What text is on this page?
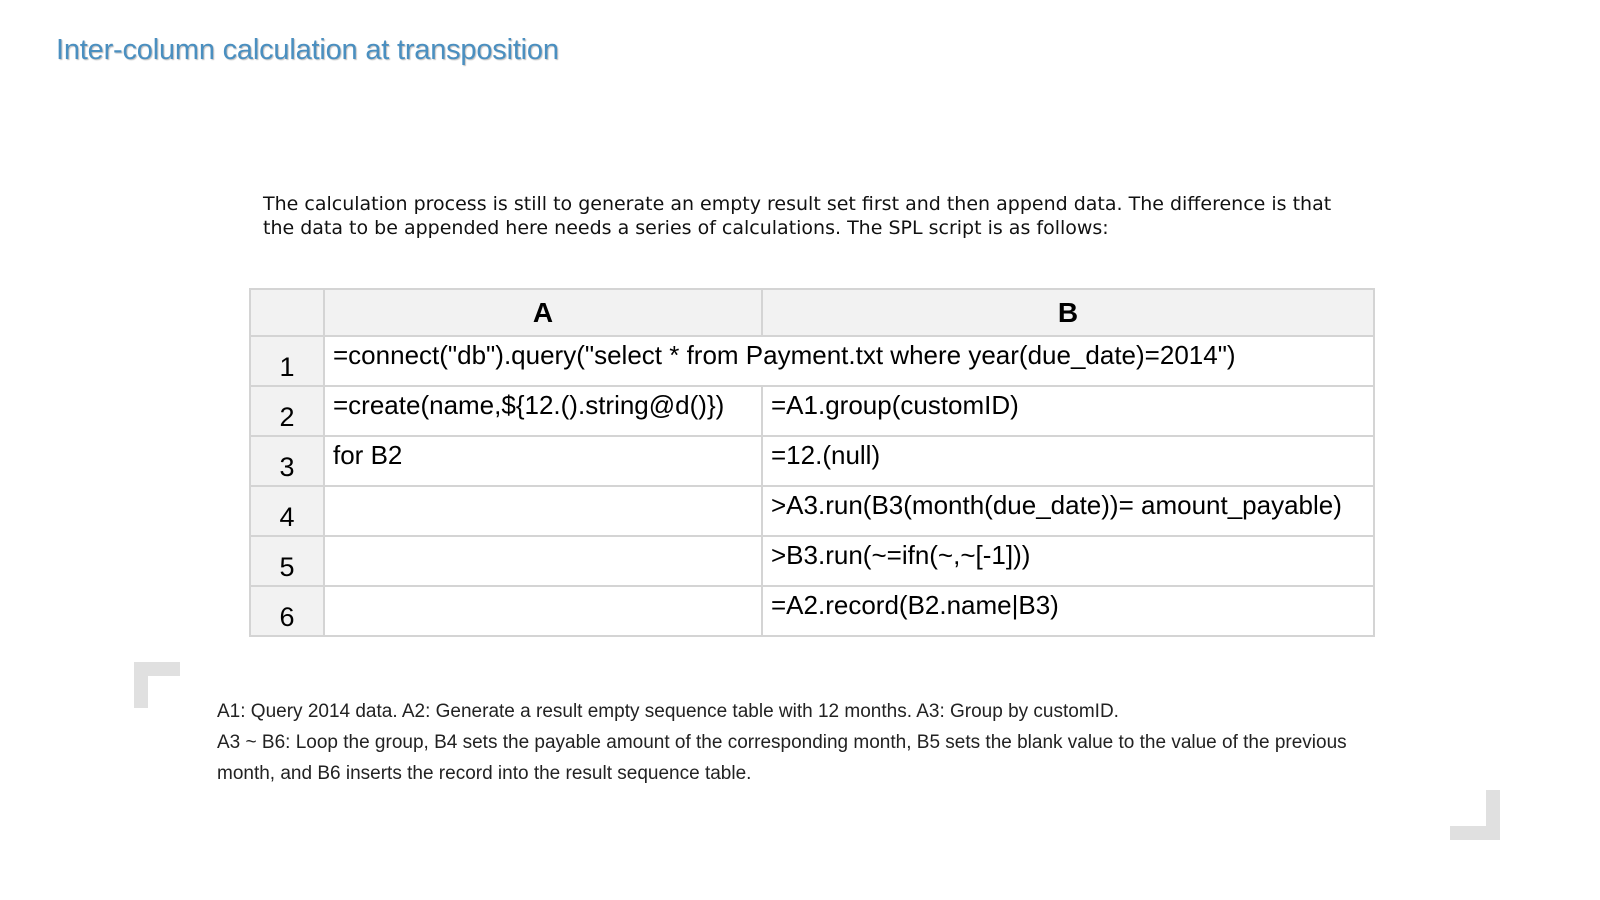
Inter-column calculation at transposition

The calculation process is still to generate an empty result set first and then append data. The difference is that

the data to be appended here needs a series of calculations. The SPL script is as follows:

	A	B
1	=connect("db").query("select * from Payment.txt where year(due_date)=2014")	
2	=create(name,${12.().string@d()})	=A1.group(customID)
3	for B2	=12.(null)
4		>A3.run(B3(month(due_date))= amount_payable)
5		>B3.run(~=ifn(~,~[-1]))
6		=A2.record(B2.name|B3)

A1: Query 2014 data. A2: Generate a result empty sequence table with 12 months. A3: Group by customID.

A3 ~ B6: Loop the group, B4 sets the payable amount of the corresponding month, B5 sets the blank value to the value of the previous

month, and B6 inserts the record into the result sequence table.
